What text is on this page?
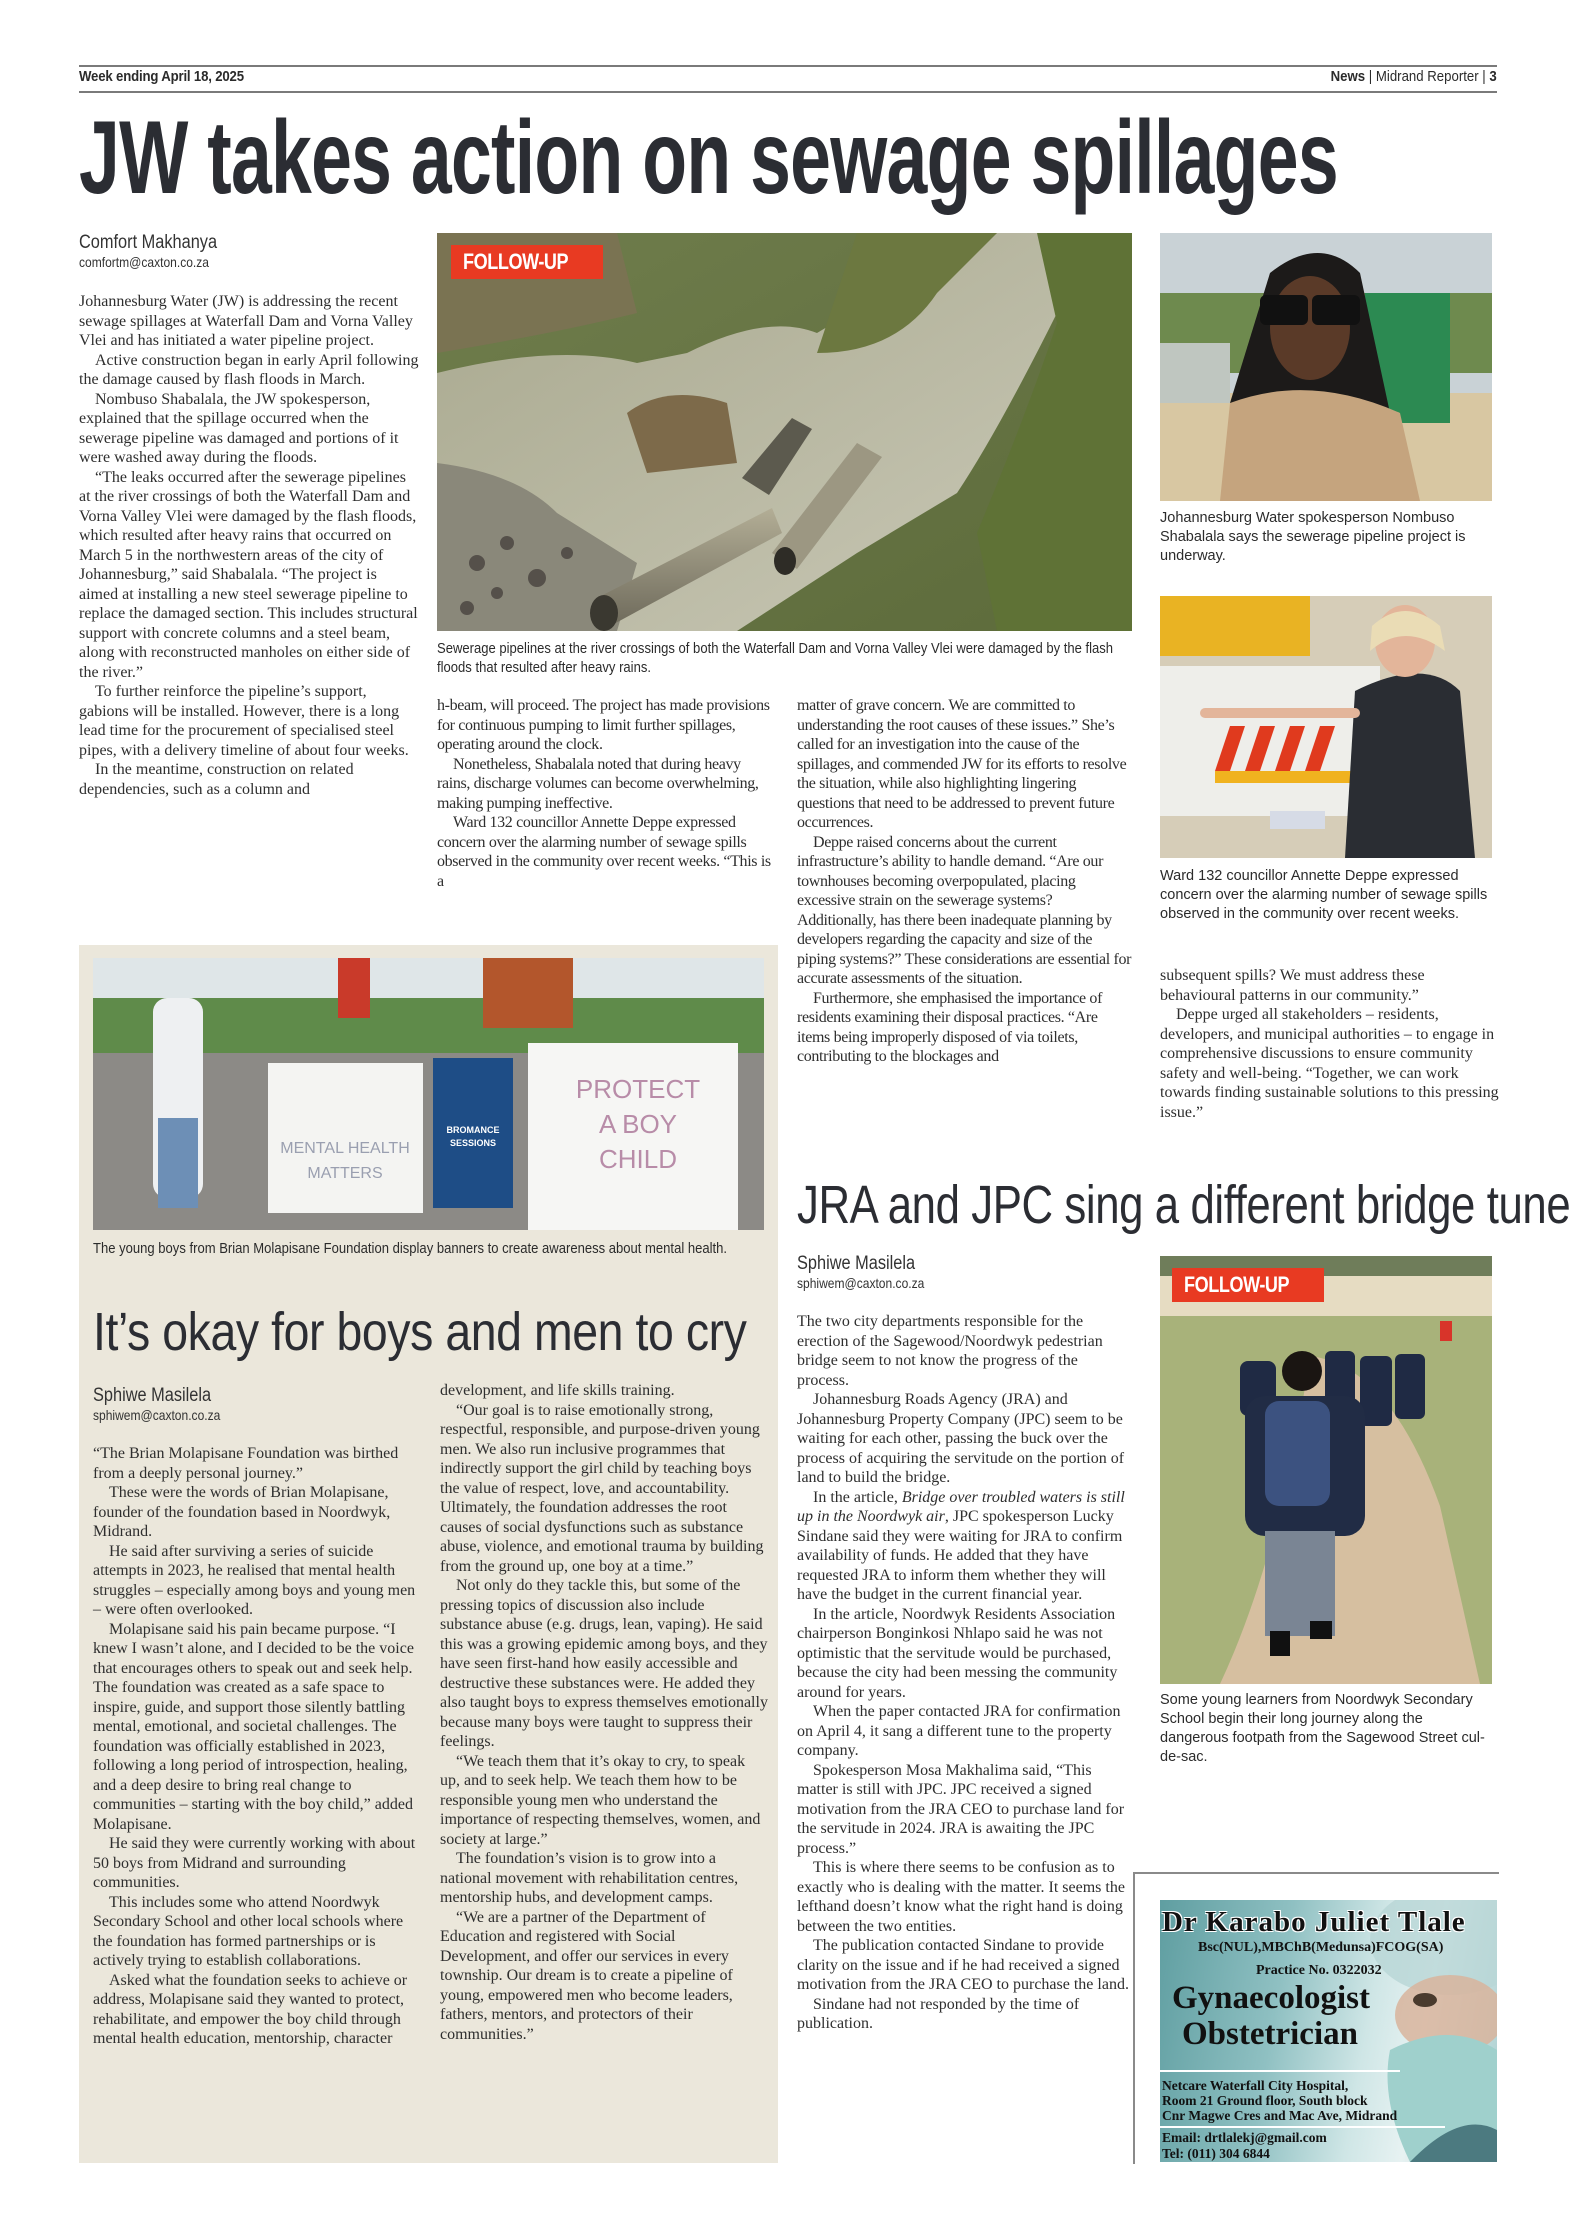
Week ending April 18, 2025	News | Midrand Reporter | 3
JW takes action on sewage spillages
Comfort Makhanya
comfortm@caxton.co.za

Johannesburg Water (JW) is addressing the recent sewage spillages at Waterfall Dam and Vorna Valley Vlei and has initiated a water pipeline project.

Active construction began in early April following the damage caused by flash floods in March.

Nombuso Shabalala, the JW spokesperson, explained that the spillage occurred when the sewerage pipeline was damaged and portions of it were washed away during the floods.

“The leaks occurred after the sewerage pipelines at the river crossings of both the Waterfall Dam and Vorna Valley Vlei were damaged by the flash floods, which resulted after heavy rains that occurred on March 5 in the northwestern areas of the city of Johannesburg,” said Shabalala. “The project is aimed at installing a new steel sewerage pipeline to replace the damaged section. This includes structural support with concrete columns and a steel beam, along with reconstructed manholes on either side of the river.”

To further reinforce the pipeline’s support, gabions will be installed. However, there is a long lead time for the procurement of specialised steel pipes, with a delivery timeline of about four weeks.

In the meantime, construction on related dependencies, such as a column and

FOLLOW-UP
Sewerage pipelines at the river crossings of both the Waterfall Dam and Vorna Valley Vlei were damaged by the flash floods that resulted after heavy rains.

h-beam, will proceed. The project has made provisions for continuous pumping to limit further spillages, operating around the clock.

Nonetheless, Shabalala noted that during heavy rains, discharge volumes can become overwhelming, making pumping ineffective.

Ward 132 councillor Annette Deppe expressed concern over the alarming number of sewage spills observed in the community over recent weeks. “This is a

matter of grave concern. We are committed to understanding the root causes of these issues.” She’s called for an investigation into the cause of the spillages, and commended JW for its efforts to resolve the situation, while also highlighting lingering questions that need to be addressed to prevent future occurrences.

Deppe raised concerns about the current infrastructure’s ability to handle demand. “Are our townhouses becoming overpopulated, placing excessive strain on the sewerage systems? Additionally, has there been inadequate planning by developers regarding the capacity and size of the piping systems?” These considerations are essential for accurate assessments of the situation.

Furthermore, she emphasised the importance of residents examining their disposal practices. “Are items being improperly disposed of via toilets, contributing to the blockages and

Johannesburg Water spokesperson Nombuso Shabalala says the sewerage pipeline project is underway.
Ward 132 councillor Annette Deppe expressed concern over the alarming number of sewage spills observed in the community over recent weeks.

subsequent spills? We must address these behavioural patterns in our community.”

Deppe urged all stakeholders – residents, developers, and municipal authorities – to engage in comprehensive discussions to ensure community safety and well-being. “Together, we can work towards finding sustainable solutions to this pressing issue.”

MENTAL HEALTH
MATTERS
BROMANCE
SESSIONS
PROTECT
A BOY
CHILD
The young boys from Brian Molapisane Foundation display banners to create awareness about mental health.
It’s okay for boys and men to cry
Sphiwe Masilela
sphiwem@caxton.co.za

“The Brian Molapisane Foundation was birthed from a deeply personal journey.”

These were the words of Brian Molapisane, founder of the foundation based in Noordwyk, Midrand.

He said after surviving a series of suicide attempts in 2023, he realised that mental health struggles – especially among boys and young men – were often overlooked.

Molapisane said his pain became purpose. “I knew I wasn’t alone, and I decided to be the voice that encourages others to speak out and seek help. The foundation was created as a safe space to inspire, guide, and support those silently battling mental, emotional, and societal challenges. The foundation was officially established in 2023, following a long period of introspection, healing, and a deep desire to bring real change to communities – starting with the boy child,” added Molapisane.

He said they were currently working with about 50 boys from Midrand and surrounding communities.

This includes some who attend Noordwyk Secondary School and other local schools where the foundation has formed partnerships or is actively trying to establish collaborations.

Asked what the foundation seeks to achieve or address, Molapisane said they wanted to protect, rehabilitate, and empower the boy child through mental health education, mentorship, character

development, and life skills training.

“Our goal is to raise emotionally strong, respectful, responsible, and purpose-driven young men. We also run inclusive programmes that indirectly support the girl child by teaching boys the value of respect, love, and accountability. Ultimately, the foundation addresses the root causes of social dysfunctions such as substance abuse, violence, and emotional trauma by building from the ground up, one boy at a time.”

Not only do they tackle this, but some of the pressing topics of discussion also include substance abuse (e.g. drugs, lean, vaping). He said this was a growing epidemic among boys, and they have seen first-hand how easily accessible and destructive these substances were. He added they also taught boys to express themselves emotionally because many boys were taught to suppress their feelings.

“We teach them that it’s okay to cry, to speak up, and to seek help. We teach them how to be responsible young men who understand the importance of respecting themselves, women, and society at large.”

The foundation’s vision is to grow into a national movement with rehabilitation centres, mentorship hubs, and development camps.

“We are a partner of the Department of Education and registered with Social Development, and offer our services in every township. Our dream is to create a pipeline of young, empowered men who become leaders, fathers, mentors, and protectors of their communities.”

JRA and JPC sing a different bridge tune
Sphiwe Masilela
sphiwem@caxton.co.za

The two city departments responsible for the erection of the Sagewood/Noordwyk pedestrian bridge seem to not know the progress of the process.

Johannesburg Roads Agency (JRA) and Johannesburg Property Company (JPC) seem to be waiting for each other, passing the buck over the process of acquiring the servitude on the portion of land to build the bridge.

In the article, Bridge over troubled waters is still up in the Noordwyk air, JPC spokesperson Lucky Sindane said they were waiting for JRA to confirm availability of funds. He added that they have requested JRA to inform them whether they will have the budget in the current financial year.

In the article, Noordwyk Residents Association chairperson Bonginkosi Nhlapo said he was not optimistic that the servitude would be purchased, because the city had been messing the community around for years.

When the paper contacted JRA for confirmation on April 4, it sang a different tune to the property company.

Spokesperson Mosa Makhalima said, “This matter is still with JPC. JPC received a signed motivation from the JRA CEO to purchase land for the servitude in 2024. JRA is awaiting the JPC process.”

This is where there seems to be confusion as to exactly who is dealing with the matter. It seems the lefthand doesn’t know what the right hand is doing between the two entities.

The publication contacted Sindane to provide clarity on the issue and if he had received a signed motivation from the JRA CEO to purchase the land.

Sindane had not responded by the time of publication.

FOLLOW-UP
Some young learners from Noordwyk Secondary School begin their long journey along the dangerous footpath from the Sagewood Street cul-de-sac.
Dr Karabo Juliet Tlale
Bsc(NUL),MBChB(Medunsa)FCOG(SA)
Practice No. 0322032
Gynaecologist
Obstetrician
Netcare Waterfall City Hospital,
Room 21 Ground floor, South block
Cnr Magwe Cres and Mac Ave, Midrand
Email: drtlalekj@gmail.com
Tel: (011) 304 6844
